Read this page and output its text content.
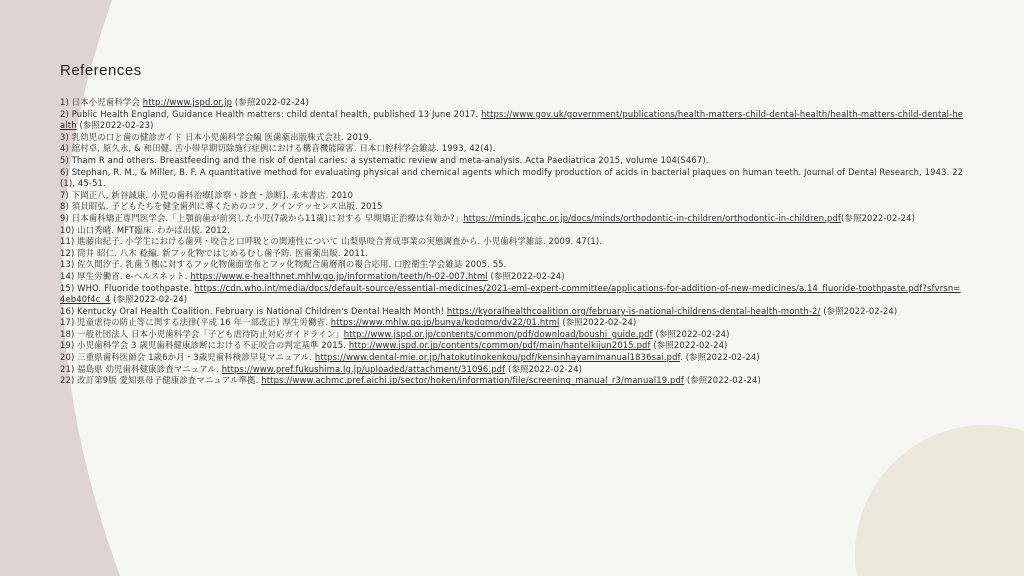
References
1) 日本小児歯科学会 http://www.jspd.or.jp (参照2022-02-24)
2) Public Health England, Guidance Health matters: child dental health, published 13 June 2017. https://www.gov.uk/government/publications/health-matters-child-dental-health/health-matters-child-dental-health (参照2022-02-23)
3) 乳幼児の口と歯の健診ガイド 日本小児歯科学会編 医歯薬出版株式会社. 2019.
4) 舘村卓, 原久永, & 和田健. 舌小帯早期切除施行症例における構音機能障害. 日本口腔科学会雑誌. 1993, 42(4).
5) Tham R and others. Breastfeeding and the risk of dental caries: a systematic review and meta-analysis. Acta Paediatrica 2015, volume 104(S467).
6) Stephan, R. M., & Miller, B. F. A quantitative method for evaluating physical and chemical agents which modify production of acids in bacterial plaques on human teeth. Journal of Dental Research, 1943. 22(1), 45-51.
7) 下岡正八, 新谷誠康. 小児の歯科治療[診察・診査・診断]. 永末書店. 2010
8) 須貝昭弘. 子どもたちを健全歯列に導くためのコツ. クインテッセンス出版. 2015
9) 日本歯科矯正専門医学会.「上顎前歯が前突した小児(7歳から11歳)に対する 早期矯正治療は有効か?」https://minds.jcqhc.or.jp/docs/minds/orthodontic-in-children/orthodontic-in-children.pdf(参照2022-02-24)
10) 山口秀晴. MFT臨床. わかば出版. 2012.
11) 進藤由紀子. 小学生における歯列・咬合と口呼吸との関連性について 山梨県咬合育成事業の実態調査から. 小児歯科学雑誌. 2009. 47(1).
12) 筒井 昭仁. 八木 稔編. 新フッ化物ではじめるむし歯予防. 医歯薬出版. 2011.
13) 佐久間汐子. 乳歯う蝕に対するフッ化物歯面塗布とフッ化物配合歯磨剤の複合応用. 口腔衛生学会雑誌 2005. 55.
14) 厚生労働省. e-ヘルスネット. https://www.e-healthnet.mhlw.go.jp/information/teeth/h-02-007.html (参照2022-02-24)
15) WHO. Fluoride toothpaste. https://cdn.who.int/media/docs/default-source/essential-medicines/2021-eml-expert-committee/applications-for-addition-of-new-medicines/a.14_fluoride-toothpaste.pdf?sfvrsn=4eb40f4c_4 (参照2022-02-24)
16) Kentucky Oral Health Coalition. February is National Children's Dental Health Month! https://kyoralhealthcoalition.org/february-is-national-childrens-dental-health-month-2/ (参照2022-02-24)
17) 児童虐待の防止等に関する法律(平成 16 年一部改正) 厚生労働省. https://www.mhlw.go.jp/bunya/kodomo/dv22/01.html (参照2022-02-24)
18) 一般社団法人 日本小児歯科学会「子ども虐待防止対応ガイドライン」http://www.jspd.or.jp/contents/common/pdf/download/boushi_guide.pdf (参照2022-02-24)
19) 小児歯科学会 3 歳児歯科健康診断における不正咬合の判定基準 2015. http://www.jspd.or.jp/contents/common/pdf/main/hanteikijun2015.pdf (参照2022-02-24)
20) 三重県歯科医師会 1歳6か月・3歳児歯科検診早見マニュアル. https://www.dental-mie.or.jp/hatokutinokenkou/pdf/kensinhayamimanual1836sai.pdf. (参照2022-02-24)
21) 福島県 幼児歯科健康診査マニュアル. https://www.pref.fukushima.lg.jp/uploaded/attachment/31096.pdf (参照2022-02-24)
22) 改訂第9版 愛知県母子健康診査マニュアル準拠. https://www.achmc.pref.aichi.jp/sector/hoken/information/file/screening_manual_r3/manual19.pdf (参照2022-02-24)
